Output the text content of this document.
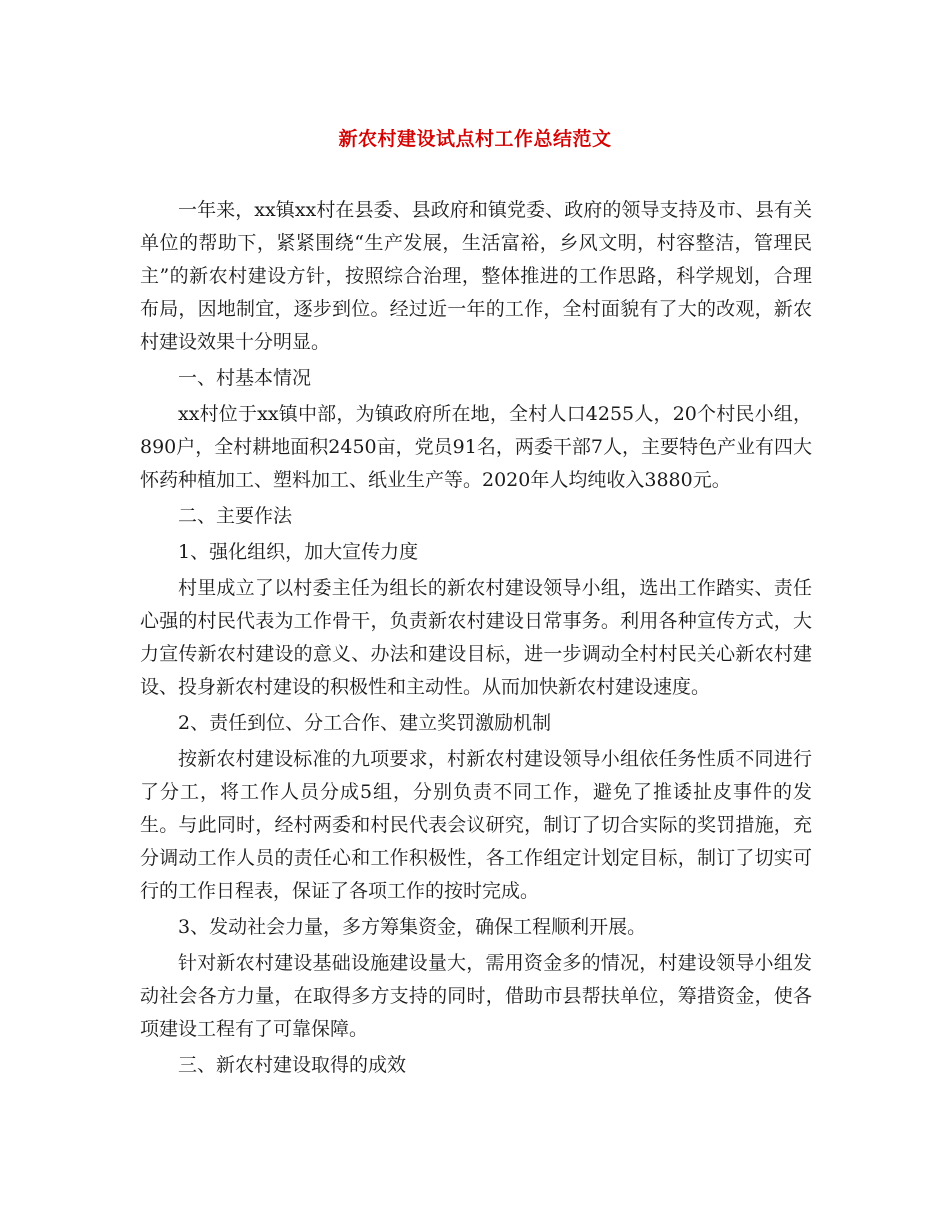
新农村建设试点村工作总结范文

一年来，xx镇xx村在县委、县政府和镇党委、政府的领导支持及市、县有关单位的帮助下，紧紧围绕“生产发展，生活富裕，乡风文明，村容整洁，管理民主”的新农村建设方针，按照综合治理，整体推进的工作思路，科学规划，合理布局，因地制宜，逐步到位。经过近一年的工作，全村面貌有了大的改观，新农村建设效果十分明显。

一、村基本情况

xx村位于xx镇中部，为镇政府所在地，全村人口4255人，20个村民小组，890户，全村耕地面积2450亩，党员91名，两委干部7人，主要特色产业有四大怀药种植加工、塑料加工、纸业生产等。2020年人均纯收入3880元。

二、主要作法

1、强化组织，加大宣传力度

村里成立了以村委主任为组长的新农村建设领导小组，选出工作踏实、责任心强的村民代表为工作骨干，负责新农村建设日常事务。利用各种宣传方式，大力宣传新农村建设的意义、办法和建设目标，进一步调动全村村民关心新农村建设、投身新农村建设的积极性和主动性。从而加快新农村建设速度。

2、责任到位、分工合作、建立奖罚激励机制

按新农村建设标准的九项要求，村新农村建设领导小组依任务性质不同进行了分工，将工作人员分成5组，分别负责不同工作，避免了推诿扯皮事件的发生。与此同时，经村两委和村民代表会议研究，制订了切合实际的奖罚措施，充分调动工作人员的责任心和工作积极性，各工作组定计划定目标，制订了切实可行的工作日程表，保证了各项工作的按时完成。

3、发动社会力量，多方筹集资金，确保工程顺利开展。

针对新农村建设基础设施建设量大，需用资金多的情况，村建设领导小组发动社会各方力量，在取得多方支持的同时，借助市县帮扶单位，筹措资金，使各项建设工程有了可靠保障。

三、新农村建设取得的成效
